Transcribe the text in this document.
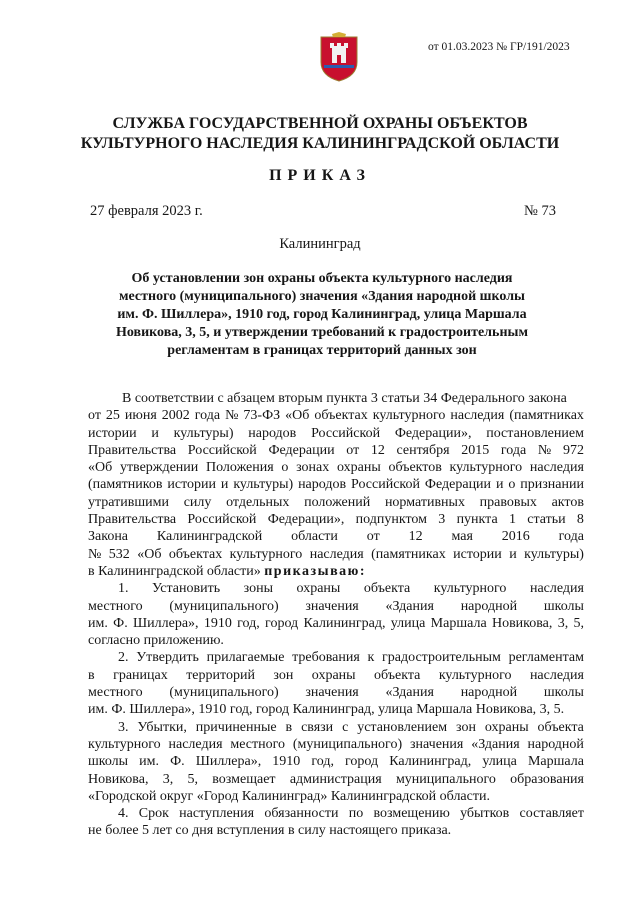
от 01.03.2023 № ГР/191/2023
СЛУЖБА ГОСУДАРСТВЕННОЙ ОХРАНЫ ОБЪЕКТОВ
КУЛЬТУРНОГО НАСЛЕДИЯ КАЛИНИНГРАДСКОЙ ОБЛАСТИ
ПРИКАЗ
27 февраля 2023 г.	№ 73
Калининград
Об установлении зон охраны объекта культурного наследия
местного (муниципального) значения «Здания народной школы
им. Ф. Шиллера», 1910 год, город Калининград, улица Маршала
Новикова, 3, 5, и утверждении требований к градостроительным
регламентам в границах территорий данных зон
В соответствии с абзацем вторым пункта 3 статьи 34 Федерального закона
от 25 июня 2002 года № 73-ФЗ «Об объектах культурного наследия (памятниках
истории и культуры) народов Российской Федерации», постановлением
Правительства Российской Федерации от 12 сентября 2015 года № 972
«Об утверждении Положения о зонах охраны объектов культурного наследия
(памятников истории и культуры) народов Российской Федерации и о признании
утратившими силу отдельных положений нормативных правовых актов
Правительства Российской Федерации», подпунктом 3 пункта 1 статьи 8
Закона Калининградской области от 12 мая 2016 года
№ 532 «Об объектах культурного наследия (памятниках истории и культуры)
в Калининградской области»
приказываю:
1. Установить зоны охраны объекта культурного наследия
местного (муниципального) значения «Здания народной школы
им. Ф. Шиллера», 1910 год, город Калининград, улица Маршала Новикова, 3, 5,
согласно приложению.
2. Утвердить прилагаемые требования к градостроительным регламентам
в границах территорий зон охраны объекта культурного наследия
местного (муниципального) значения «Здания народной школы
им. Ф. Шиллера», 1910 год, город Калининград, улица Маршала Новикова, 3, 5.
3. Убытки, причиненные в связи с установлением зон охраны объекта
культурного наследия местного (муниципального) значения «Здания народной
школы им. Ф. Шиллера», 1910 год, город Калининград, улица Маршала
Новикова, 3, 5, возмещает администрация муниципального образования
«Городской округ «Город Калининград» Калининградской области.
4. Срок наступления обязанности по возмещению убытков составляет
не более 5 лет со дня вступления в силу настоящего приказа.
